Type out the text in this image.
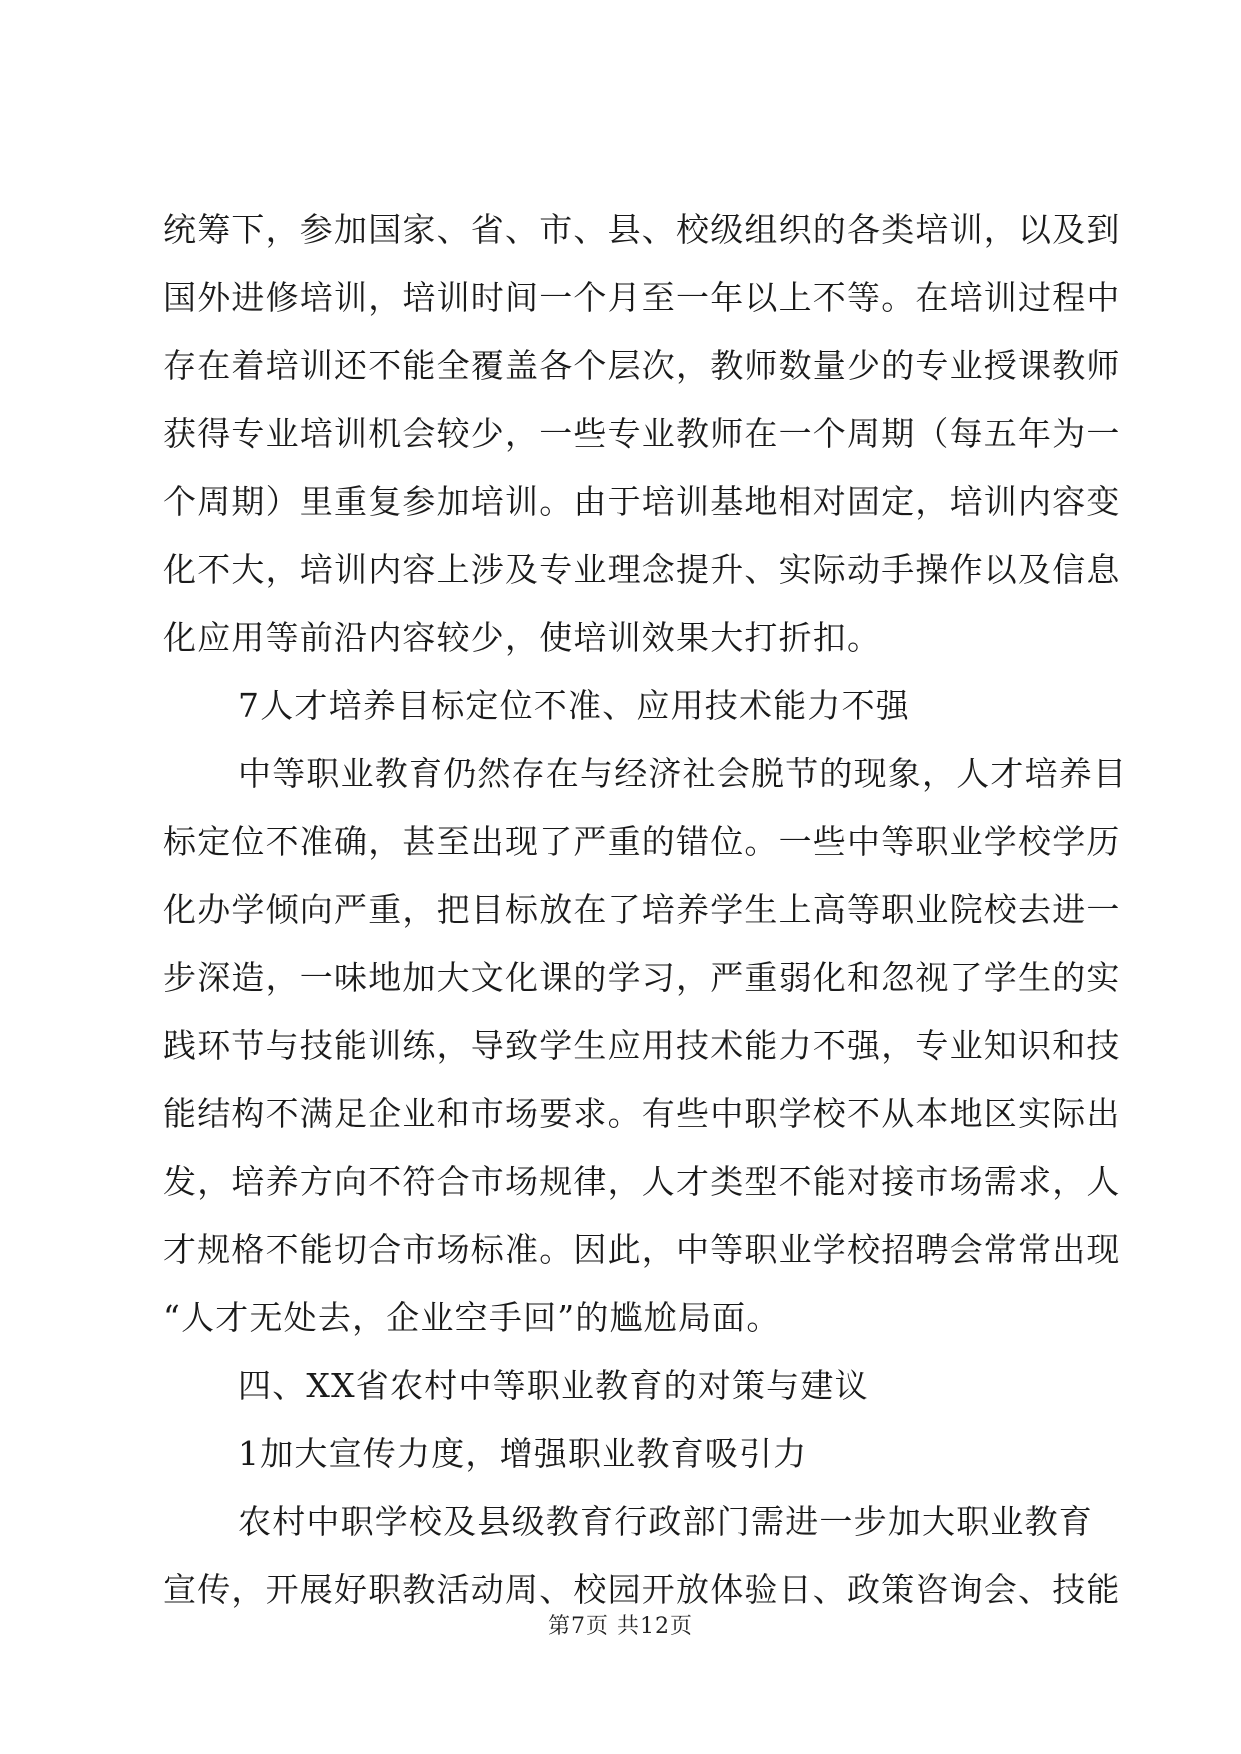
统筹下，参加国家、省、市、县、校级组织的各类培训，以及到
国外进修培训，培训时间一个月至一年以上不等。在培训过程中
存在着培训还不能全覆盖各个层次，教师数量少的专业授课教师
获得专业培训机会较少，一些专业教师在一个周期（每五年为一
个周期）里重复参加培训。由于培训基地相对固定，培训内容变
化不大，培训内容上涉及专业理念提升、实际动手操作以及信息
化应用等前沿内容较少，使培训效果大打折扣。
7人才培养目标定位不准、应用技术能力不强
中等职业教育仍然存在与经济社会脱节的现象，人才培养目
标定位不准确，甚至出现了严重的错位。一些中等职业学校学历
化办学倾向严重，把目标放在了培养学生上高等职业院校去进一
步深造，一味地加大文化课的学习，严重弱化和忽视了学生的实
践环节与技能训练，导致学生应用技术能力不强，专业知识和技
能结构不满足企业和市场要求。有些中职学校不从本地区实际出
发，培养方向不符合市场规律，人才类型不能对接市场需求，人
才规格不能切合市场标准。因此，中等职业学校招聘会常常出现
“人才无处去，企业空手回”的尴尬局面。
四、XX省农村中等职业教育的对策与建议
1加大宣传力度，增强职业教育吸引力
农村中职学校及县级教育行政部门需进一步加大职业教育
宣传，开展好职教活动周、校园开放体验日、政策咨询会、技能
第7页 共12页
